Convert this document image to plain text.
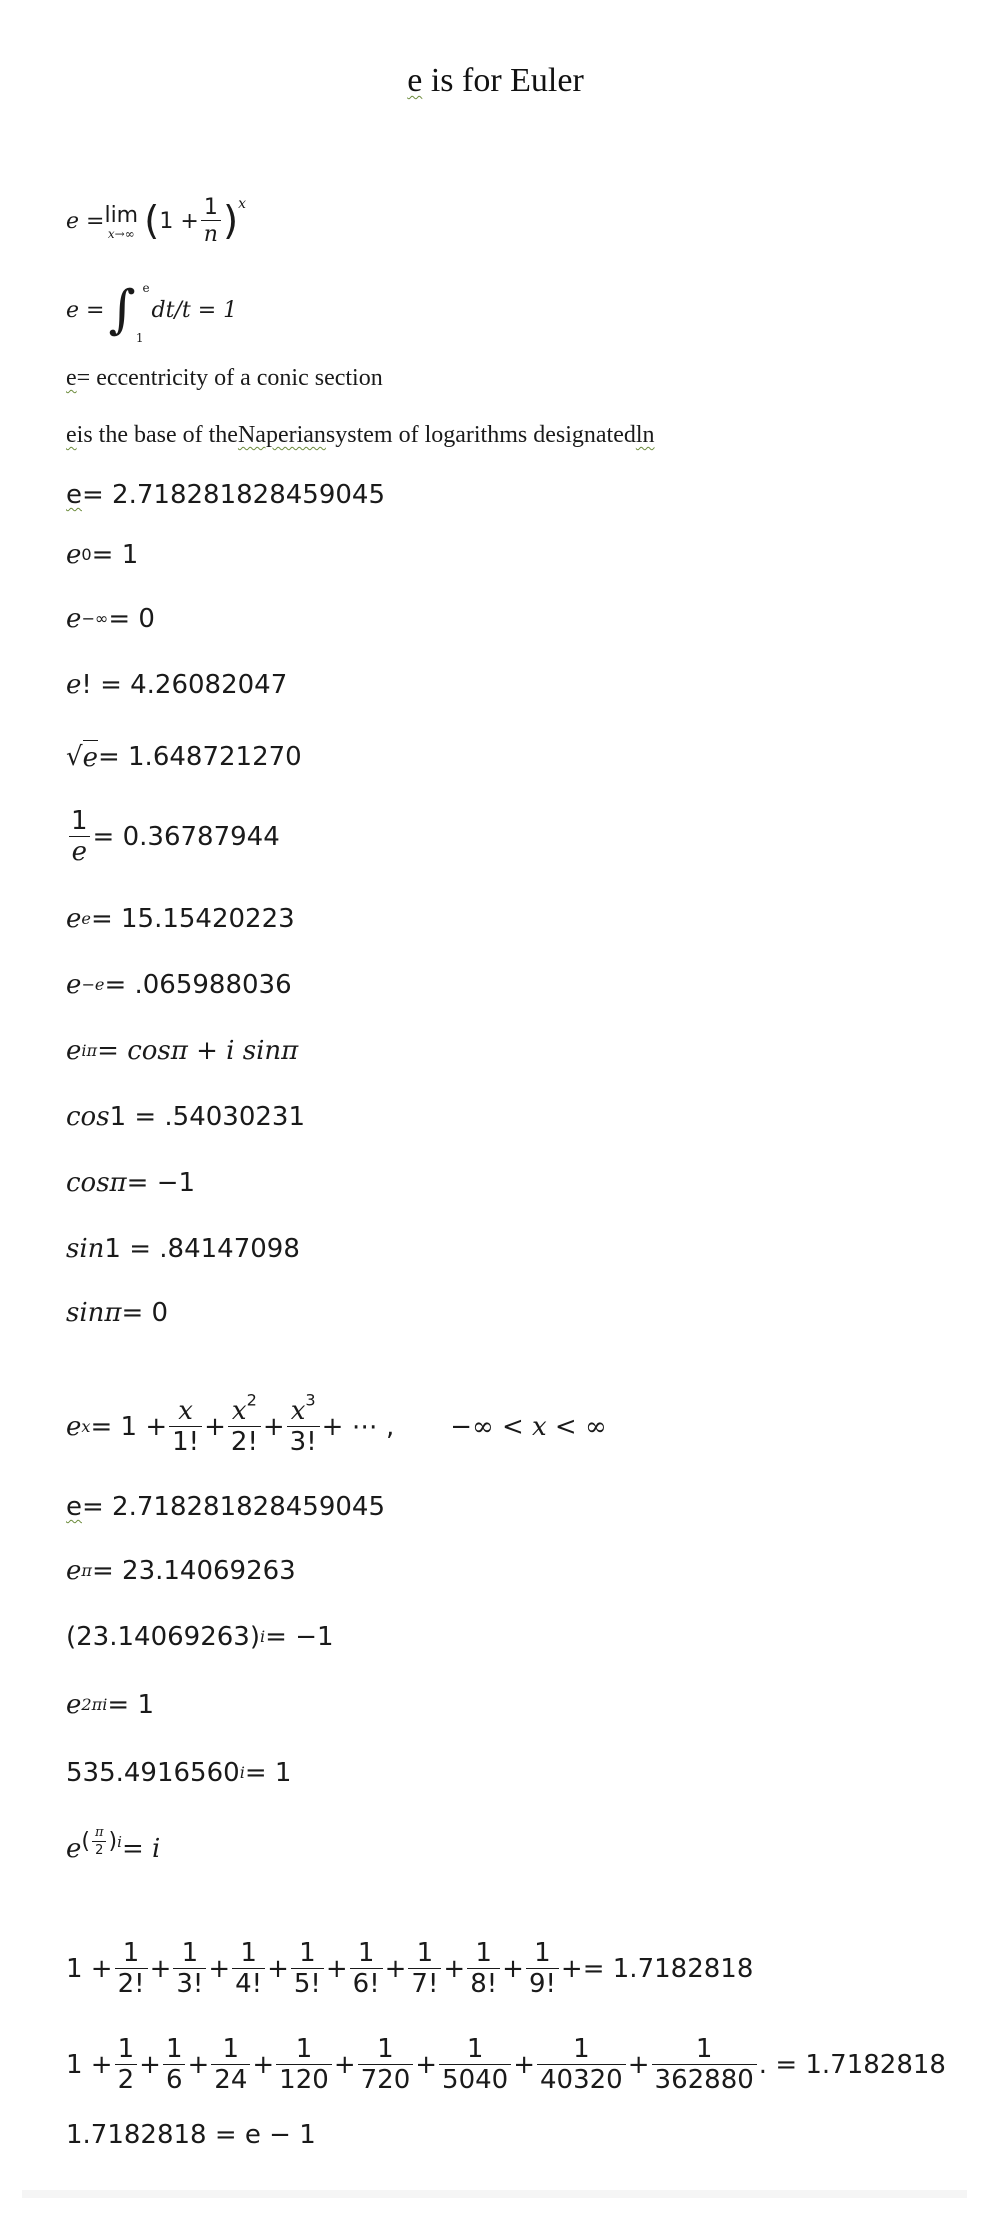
e is for Euler
e = lim
x→∞ ( $1 + \frac{1}{n}$ ) x
e = ∫ e
1
dt/t = 1
e = eccentricity of a conic section
e is the base of the Naperian system of logarithms designated ln
e = 2.718281828459045
e 0 = 1
e −∞ = 0
e ! = 4.26082047
√ e = 1.648721270
$\frac{1}{e} = 0.36787944$
e e = 15.15420223
e −e = .065988036
e iπ = cosπ + i sinπ
cos 1 = .54030231
cosπ = −1
sin 1 = .84147098
sinπ = 0
e $x = 1 + \frac{x}{1!} + \frac{x^2}{2!} + \frac{x^3}{3!}$ + ⋯ , −∞ < x < ∞
e = 2.718281828459045
e π = 23.14069263
(23.14069263) i = −1
e 2πi = 1
535.4916560 i = 1
e ( $\frac{\pi}{2}$ ) i = i
$1 + \frac{1}{2!} + \frac{1}{3!} + \frac{1}{4!} + \frac{1}{5!} + \frac{1}{6!} + \frac{1}{7!} + \frac{1}{8!} + \frac{1}{9!} += 1.7182818$
$1 + \frac{1}{2} + \frac{1}{6} + \frac{1}{24} + \frac{1}{120} + \frac{1}{720} + \frac{1}{5040} + \frac{1}{40320} + \frac{1}{362880}$ . = 1.7182818
1.7182818 = e − 1
